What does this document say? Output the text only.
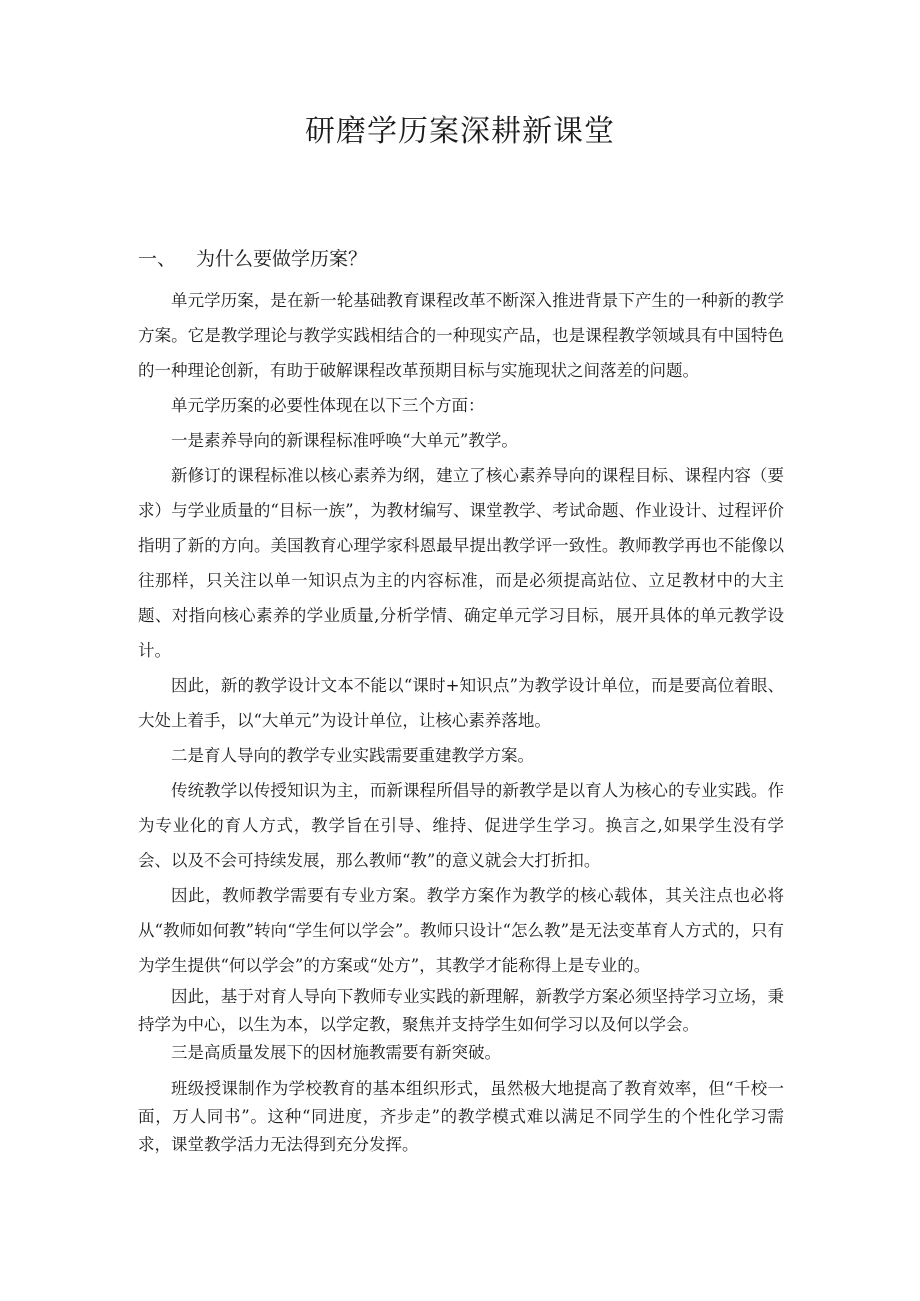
研磨学历案深耕新课堂
一、 为什么要做学历案？

单元学历案，是在新一轮基础教育课程改革不断深入推进背景下产生的一种新的教学方案。它是教学理论与教学实践相结合的一种现实产品，也是课程教学领域具有中国特色的一种理论创新，有助于破解课程改革预期目标与实施现状之间落差的问题。

单元学历案的必要性体现在以下三个方面：

一是素养导向的新课程标准呼唤“大单元”教学。

新修订的课程标准以核心素养为纲，建立了核心素养导向的课程目标、课程内容（要求）与学业质量的“目标一族”，为教材编写、课堂教学、考试命题、作业设计、过程评价指明了新的方向。美国教育心理学家科恩最早提出教学评一致性。教师教学再也不能像以往那样，只关注以单一知识点为主的内容标准，而是必须提高站位、立足教材中的大主题、对指向核心素养的学业质量,分析学情、确定单元学习目标，展开具体的单元教学设计。

因此，新的教学设计文本不能以“课时+知识点”为教学设计单位，而是要高位着眼、大处上着手，以“大单元”为设计单位，让核心素养落地。

二是育人导向的教学专业实践需要重建教学方案。

传统教学以传授知识为主，而新课程所倡导的新教学是以育人为核心的专业实践。作为专业化的育人方式，教学旨在引导、维持、促进学生学习。换言之,如果学生没有学会、以及不会可持续发展，那么教师“教”的意义就会大打折扣。

因此，教师教学需要有专业方案。教学方案作为教学的核心载体，其关注点也必将从“教师如何教”转向“学生何以学会”。教师只设计“怎么教”是无法变革育人方式的，只有为学生提供“何以学会”的方案或“处方”，其教学才能称得上是专业的。

因此，基于对育人导向下教师专业实践的新理解，新教学方案必须坚持学习立场，秉持学为中心，以生为本，以学定教，聚焦并支持学生如何学习以及何以学会。

三是高质量发展下的因材施教需要有新突破。

班级授课制作为学校教育的基本组织形式，虽然极大地提高了教育效率，但“千校一面，万人同书”。这种“同进度，齐步走”的教学模式难以满足不同学生的个性化学习需求，课堂教学活力无法得到充分发挥。
